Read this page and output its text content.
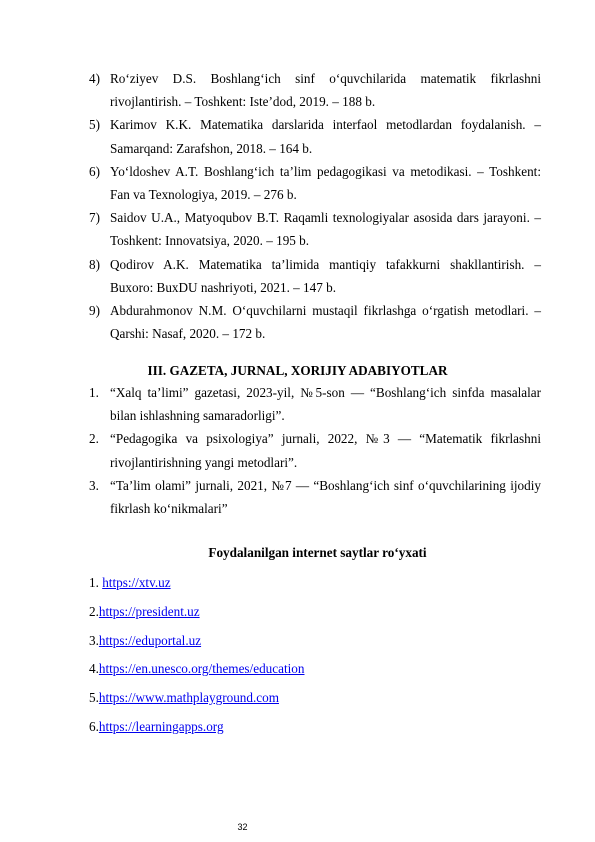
4) Ro‘ziyev D.S. Boshlang‘ich sinf o‘quvchilarida matematik fikrlashni rivojlantirish. – Toshkent: Iste’dod, 2019. – 188 b.
5) Karimov K.K. Matematika darslarida interfaol metodlardan foydalanish. – Samarqand: Zarafshon, 2018. – 164 b.
6) Yo‘ldoshev A.T. Boshlang‘ich ta’lim pedagogikasi va metodikasi. – Toshkent: Fan va Texnologiya, 2019. – 276 b.
7) Saidov U.A., Matyoqubov B.T. Raqamli texnologiyalar asosida dars jarayoni. – Toshkent: Innovatsiya, 2020. – 195 b.
8) Qodirov A.K. Matematika ta’limida mantiqiy tafakkurni shakllantirish. – Buxoro: BuxDU nashriyoti, 2021. – 147 b.
9) Abdurahmonov N.M. O‘quvchilarni mustaqil fikrlashga o‘rgatish metodlari. – Qarshi: Nasaf, 2020. – 172 b.
III. GAZETA, JURNAL, XORIJIY ADABIYOTLAR
1. “Xalq ta’limi” gazetasi, 2023-yil, №5-son — “Boshlang‘ich sinfda masalalar bilan ishlashning samaradorligi”.
2. “Pedagogika va psixologiya” jurnali, 2022, №3 — “Matematik fikrlashni rivojlantirishning yangi metodlari”.
3. “Ta’lim olami” jurnali, 2021, №7 — “Boshlang‘ich sinf o‘quvchilarining ijodiy fikrlash ko‘nikmalari”
Foydalanilgan internet saytlar ro‘yxati
1. https://xtv.uz
2.https://president.uz
3.https://eduportal.uz
4.https://en.unesco.org/themes/education
5.https://www.mathplayground.com
6.https://learningapps.org
32
